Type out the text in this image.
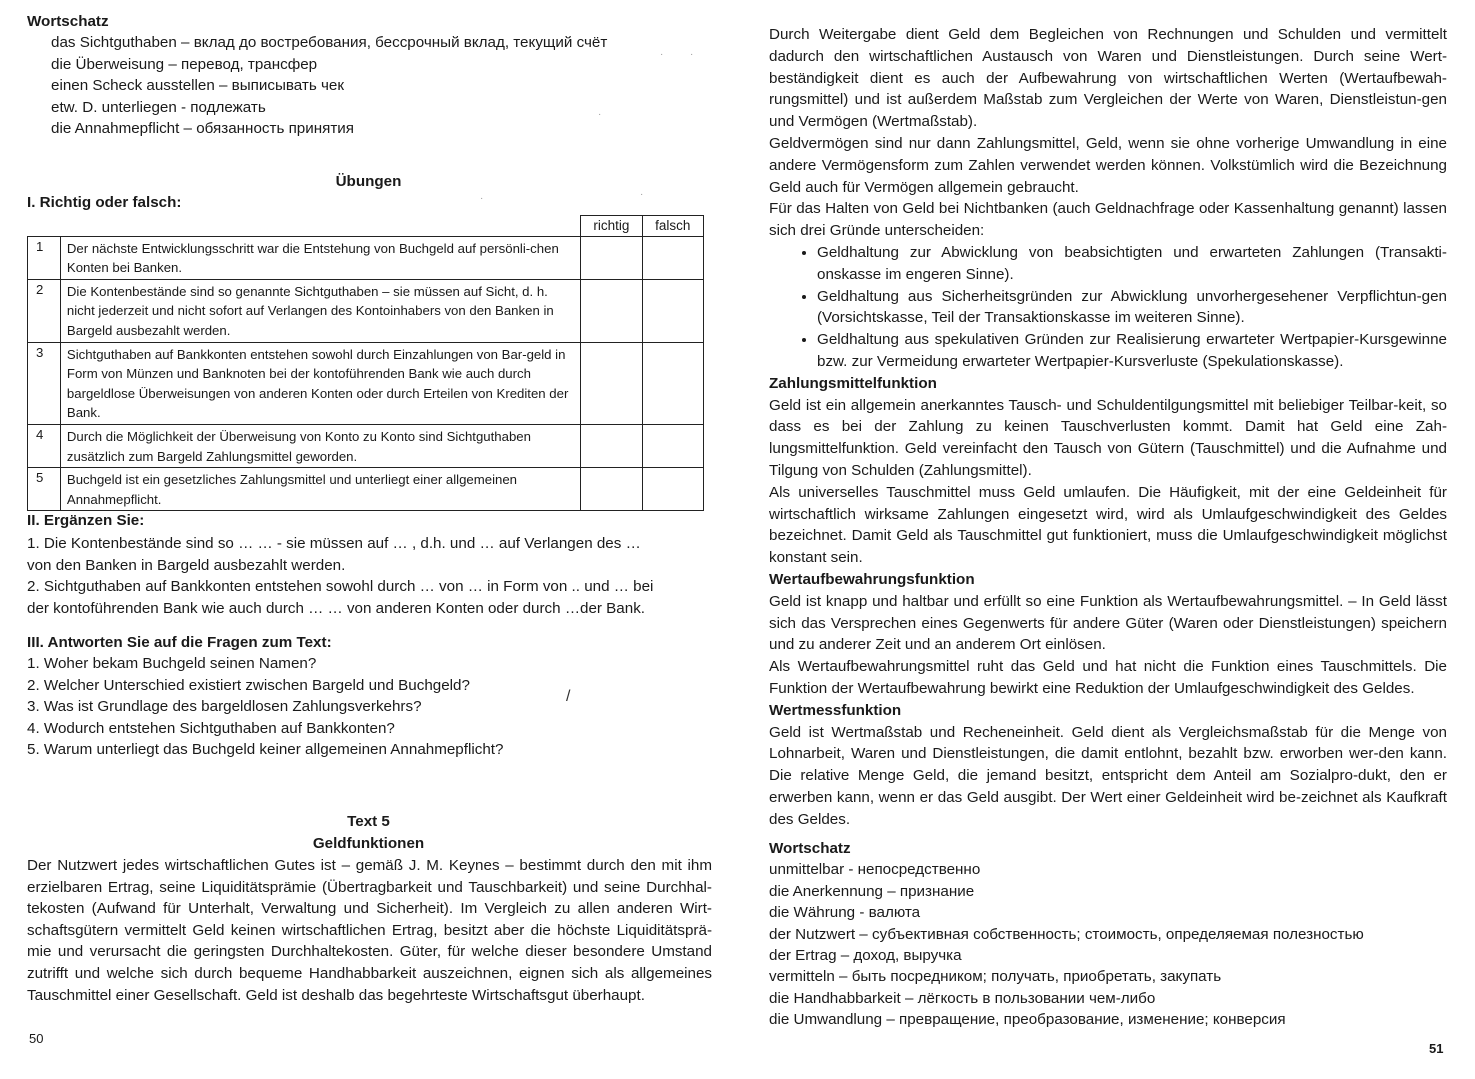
Wortschatz
das Sichtguthaben – вклад до востребования, бессрочный вклад, текущий счёт
die Überweisung – перевод, трансфер
einen Scheck ausstellen – выписывать чек
etw. D. unterliegen - подлежать
die Annahmepflicht – обязанность принятия
Übungen
I. Richtig oder falsch:
		richtig	falsch
1	Der nächste Entwicklungsschritt war die Entstehung von Buchgeld auf persönli-chen Konten bei Banken.		
2	Die Kontenbestände sind so genannte Sichtguthaben – sie müssen auf Sicht, d. h. nicht jederzeit und nicht sofort auf Verlangen des Kontoinhabers von den Banken in Bargeld ausbezahlt werden.		
3	Sichtguthaben auf Bankkonten entstehen sowohl durch Einzahlungen von Bar-geld in Form von Münzen und Banknoten bei der kontoführenden Bank wie auch durch bargeldlose Überweisungen von anderen Konten oder durch Erteilen von Krediten der Bank.		
4	Durch die Möglichkeit der Überweisung von Konto zu Konto sind Sichtguthaben zusätzlich zum Bargeld Zahlungsmittel geworden.		
5	Buchgeld ist ein gesetzliches Zahlungsmittel und unterliegt einer allgemeinen Annahmepflicht.		
II. Ergänzen Sie:
1. Die Kontenbestände sind so … … - sie müssen auf … , d.h. und … auf Verlangen des …
von den Banken in Bargeld ausbezahlt werden.
2. Sichtguthaben auf Bankkonten entstehen sowohl durch … von … in Form von .. und … bei
der kontoführenden Bank wie auch durch … … von anderen Konten oder durch …der Bank.
III. Antworten Sie auf die Fragen zum Text:
1. Woher bekam Buchgeld seinen Namen?
2. Welcher Unterschied existiert zwischen Bargeld und Buchgeld?
3. Was ist Grundlage des bargeldlosen Zahlungsverkehrs?
4. Wodurch entstehen Sichtguthaben auf Bankkonten?
5. Warum unterliegt das Buchgeld keiner allgemeinen Annahmepflicht?
Text 5
Geldfunktionen
Der Nutzwert jedes wirtschaftlichen Gutes ist – gemäß J. M. Keynes – bestimmt durch den mit ihm erzielbaren Ertrag, seine Liquiditätsprämie (Übertragbarkeit und Tauschbarkeit) und seine Durchhal-tekosten (Aufwand für Unterhalt, Verwaltung und Sicherheit). Im Vergleich zu allen anderen Wirt-schaftsgütern vermittelt Geld keinen wirtschaftlichen Ertrag, besitzt aber die höchste Liquiditätsprä-mie und verursacht die geringsten Durchhaltekosten. Güter, für welche dieser besondere Umstand zutrifft und welche sich durch bequeme Handhabbarkeit auszeichnen, eignen sich als allgemeines Tauschmittel einer Gesellschaft. Geld ist deshalb das begehrteste Wirtschaftsgut überhaupt.
50
·	·
·
·	·
/

Durch Weitergabe dient Geld dem Begleichen von Rechnungen und Schulden und vermittelt dadurch den wirtschaftlichen Austausch von Waren und Dienstleistungen. Durch seine Wert-beständigkeit dient es auch der Aufbewahrung von wirtschaftlichen Werten (Wertaufbewah-rungsmittel) und ist außerdem Maßstab zum Vergleichen der Werte von Waren, Dienstleistun-gen und Vermögen (Wertmaßstab).

Geldvermögen sind nur dann Zahlungsmittel, Geld, wenn sie ohne vorherige Umwandlung in eine andere Vermögensform zum Zahlen verwendet werden können. Volkstümlich wird die Bezeichnung Geld auch für Vermögen allgemein gebraucht.

Für das Halten von Geld bei Nichtbanken (auch Geldnachfrage oder Kassenhaltung genannt) lassen sich drei Gründe unterscheiden:

• Geldhaltung zur Abwicklung von beabsichtigten und erwarteten Zahlungen (Transakti-onskasse im engeren Sinne).
• Geldhaltung aus Sicherheitsgründen zur Abwicklung unvorhergesehener Verpflichtun-gen (Vorsichtskasse, Teil der Transaktionskasse im weiteren Sinne).
• Geldhaltung aus spekulativen Gründen zur Realisierung erwarteter Wertpapier-Kursgewinne bzw. zur Vermeidung erwarteter Wertpapier-Kursverluste (Spekulationskasse).

Zahlungsmittelfunktion

Geld ist ein allgemein anerkanntes Tausch- und Schuldentilgungsmittel mit beliebiger Teilbar-keit, so dass es bei der Zahlung zu keinen Tauschverlusten kommt. Damit hat Geld eine Zah-lungsmittelfunktion. Geld vereinfacht den Tausch von Gütern (Tauschmittel) und die Aufnahme und Tilgung von Schulden (Zahlungsmittel).

Als universelles Tauschmittel muss Geld umlaufen. Die Häufigkeit, mit der eine Geldeinheit für wirtschaftlich wirksame Zahlungen eingesetzt wird, wird als Umlaufgeschwindigkeit des Geldes bezeichnet. Damit Geld als Tauschmittel gut funktioniert, muss die Umlaufgeschwindigkeit möglichst konstant sein.

Wertaufbewahrungsfunktion

Geld ist knapp und haltbar und erfüllt so eine Funktion als Wertaufbewahrungsmittel. – In Geld lässt sich das Versprechen eines Gegenwerts für andere Güter (Waren oder Dienstleistungen) speichern und zu anderer Zeit und an anderem Ort einlösen.

Als Wertaufbewahrungsmittel ruht das Geld und hat nicht die Funktion eines Tauschmittels. Die Funktion der Wertaufbewahrung bewirkt eine Reduktion der Umlaufgeschwindigkeit des Geldes.

Wertmessfunktion

Geld ist Wertmaßstab und Recheneinheit. Geld dient als Vergleichsmaßstab für die Menge von Lohnarbeit, Waren und Dienstleistungen, die damit entlohnt, bezahlt bzw. erworben wer-den kann. Die relative Menge Geld, die jemand besitzt, entspricht dem Anteil am Sozialpro-dukt, den er erwerben kann, wenn er das Geld ausgibt. Der Wert einer Geldeinheit wird be-zeichnet als Kaufkraft des Geldes.

Wortschatz
unmittelbar - непосредственно
die Anerkennung – признание
die Währung - валюта
der Nutzwert – субъективная собственность; стоимость, определяемая полезностью
der Ertrag – доход, выручка
vermitteln – быть посредником; получать, приобретать, закупать
die Handhabbarkeit – лёгкость в пользовании чем-либо
die Umwandlung – превращение, преобразование, изменение; конверсия
51
